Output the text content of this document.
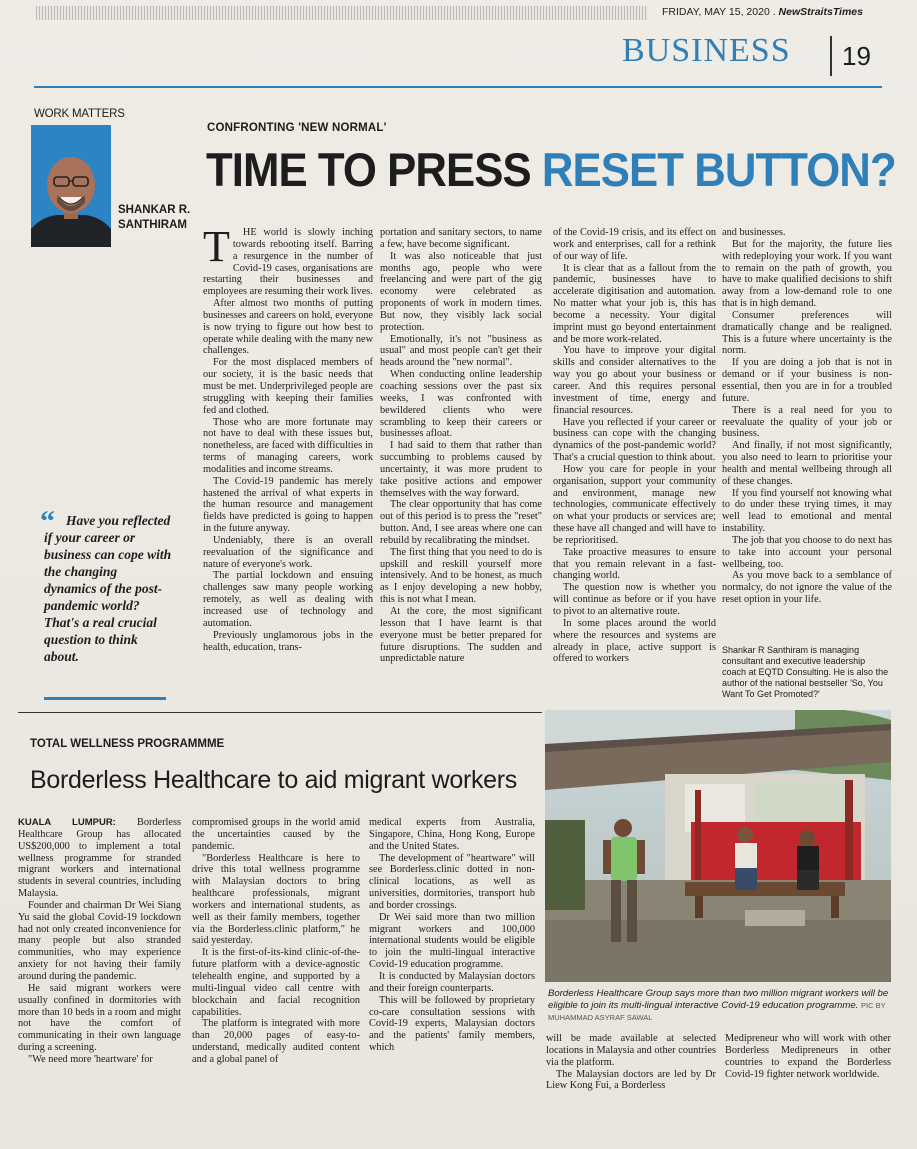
FRIDAY, MAY 15, 2020 . NewStraitsTimes
BUSINESS	19
WORK MATTERS
SHANKAR R.
SANTHIRAM
CONFRONTING 'NEW NORMAL'
TIME TO PRESS RESET BUTTON?
T	HE world is slowly inching towards rebooting itself. Barring a resurgence in the number of Covid-19 cases, organisations are restarting their businesses and employees are resuming their work lives.

After almost two months of putting businesses and careers on hold, everyone is now trying to figure out how best to operate while dealing with the many new challenges.

For the most displaced members of our society, it is the basic needs that must be met. Underprivileged people are struggling with keeping their families fed and clothed.

Those who are more fortunate may not have to deal with these issues but, nonetheless, are faced with difficulties in terms of managing careers, work modalities and income streams.

The Covid-19 pandemic has merely hastened the arrival of what experts in the human resource and management fields have predicted is going to happen in the future anyway.

Undeniably, there is an overall reevaluation of the significance and nature of everyone's work.

The partial lockdown and ensuing challenges saw many people working remotely, as well as dealing with increased use of technology and automation.

Previously unglamorous jobs in the health, education, trans-

portation and sanitary sectors, to name a few, have become significant.

It was also noticeable that just months ago, people who were freelancing and were part of the gig economy were celebrated as proponents of work in modern times. But now, they visibly lack social protection.

Emotionally, it's not "business as usual" and most people can't get their heads around the "new normal".

When conducting online leadership coaching sessions over the past six weeks, I was confronted with bewildered clients who were scrambling to keep their careers or businesses afloat.

I had said to them that rather than succumbing to problems caused by uncertainty, it was more prudent to take positive actions and empower themselves with the way forward.

The clear opportunity that has come out of this period is to press the "reset" button. And, I see areas where one can rebuild by recalibrating the mindset.

The first thing that you need to do is upskill and reskill yourself more intensively. And to be honest, as much as I enjoy developing a new hobby, this is not what I mean.

At the core, the most significant lesson that I have learnt is that everyone must be better prepared for future disruptions. The sudden and unpredictable nature

of the Covid-19 crisis, and its effect on work and enterprises, call for a rethink of our way of life.

It is clear that as a fallout from the pandemic, businesses have to accelerate digitisation and automation. No matter what your job is, this has become a necessity. Your digital imprint must go beyond entertainment and be more work-related.

You have to improve your digital skills and consider alternatives to the way you go about your business or career. And this requires personal investment of time, energy and financial resources.

Have you reflected if your career or business can cope with the changing dynamics of the post-pandemic world? That's a crucial question to think about.

How you care for people in your organisation, support your community and environment, manage new technologies, communicate effectively on what your products or services are; these have all changed and will have to be reprioritised.

Take proactive measures to ensure that you remain relevant in a fast-changing world.

The question now is whether you will continue as before or if you have to pivot to an alternative route.

In some places around the world where the resources and systems are already in place, active support is offered to workers

and businesses.

But for the majority, the future lies with redeploying your work. If you want to remain on the path of growth, you have to make qualified decisions to shift away from a low-demand role to one that is in high demand.

Consumer preferences will dramatically change and be realigned. This is a future where uncertainty is the norm.

If you are doing a job that is not in demand or if your business is non-essential, then you are in for a troubled future.

There is a real need for you to reevaluate the quality of your job or business.

And finally, if not most significantly, you also need to learn to prioritise your health and mental wellbeing through all of these changes.

If you find yourself not knowing what to do under these trying times, it may well lead to emotional and mental instability.

The job that you choose to do next has to take into account your personal wellbeing, too.

As you move back to a semblance of normalcy, do not ignore the value of the reset option in your life.

“ Have you reflected if your career or business can cope with the changing dynamics of the post-pandemic world? That's a real crucial question to think about.	Shankar R Santhiram is managing consultant and executive leadership coach at EQTD Consulting. He is also the author of the national bestseller 'So, You Want To Get Promoted?'
TOTAL WELLNESS PROGRAMMME
Borderless Healthcare to aid migrant workers

KUALA LUMPUR: Borderless Healthcare Group has allocated US$200,000 to implement a total wellness programme for stranded migrant workers and international students in several countries, including Malaysia.

Founder and chairman Dr Wei Siang Yu said the global Covid-19 lockdown had not only created inconvenience for many people but also stranded communities, who may experience anxiety for not having their family around during the pandemic.

He said migrant workers were usually confined in dormitories with more than 10 beds in a room and might not have the comfort of communicating in their own language during a screening.

"We need more 'heartware' for

compromised groups in the world amid the uncertainties caused by the pandemic.

"Borderless Healthcare is here to drive this total wellness programme with Malaysian doctors to bring healthcare professionals, migrant workers and international students, as well as their family members, together via the Borderless.clinic platform," he said yesterday.

It is the first-of-its-kind clinic-of-the-future platform with a device-agnostic telehealth engine, and supported by a multi-lingual video call centre with blockchain and facial recognition capabilities.

The platform is integrated with more than 20,000 pages of easy-to-understand, medically audited content and a global panel of

medical experts from Australia, Singapore, China, Hong Kong, Europe and the United States.

The development of "heartware" will see Borderless.clinic dotted in non-clinical locations, as well as universities, dormitories, transport hub and border crossings.

Dr Wei said more than two million migrant workers and 100,000 international students would be eligible to join the multi-lingual interactive Covid-19 education programme.

It is conducted by Malaysian doctors and their foreign counterparts.

This will be followed by proprietary co-care consultation sessions with Covid-19 experts, Malaysian doctors and the patients' family members, which

will be made available at selected locations in Malaysia and other countries via the platform.

The Malaysian doctors are led by Dr Liew Kong Fui, a Borderless

Medipreneur who will work with other Borderless Medipreneurs in other countries to expand the Borderless Covid-19 fighter network worldwide.

Borderless Healthcare Group says more than two million migrant workers will be eligible to join its multi-lingual interactive Covid-19 education programme. PIC BY MUHAMMAD ASYRAF SAWAL
